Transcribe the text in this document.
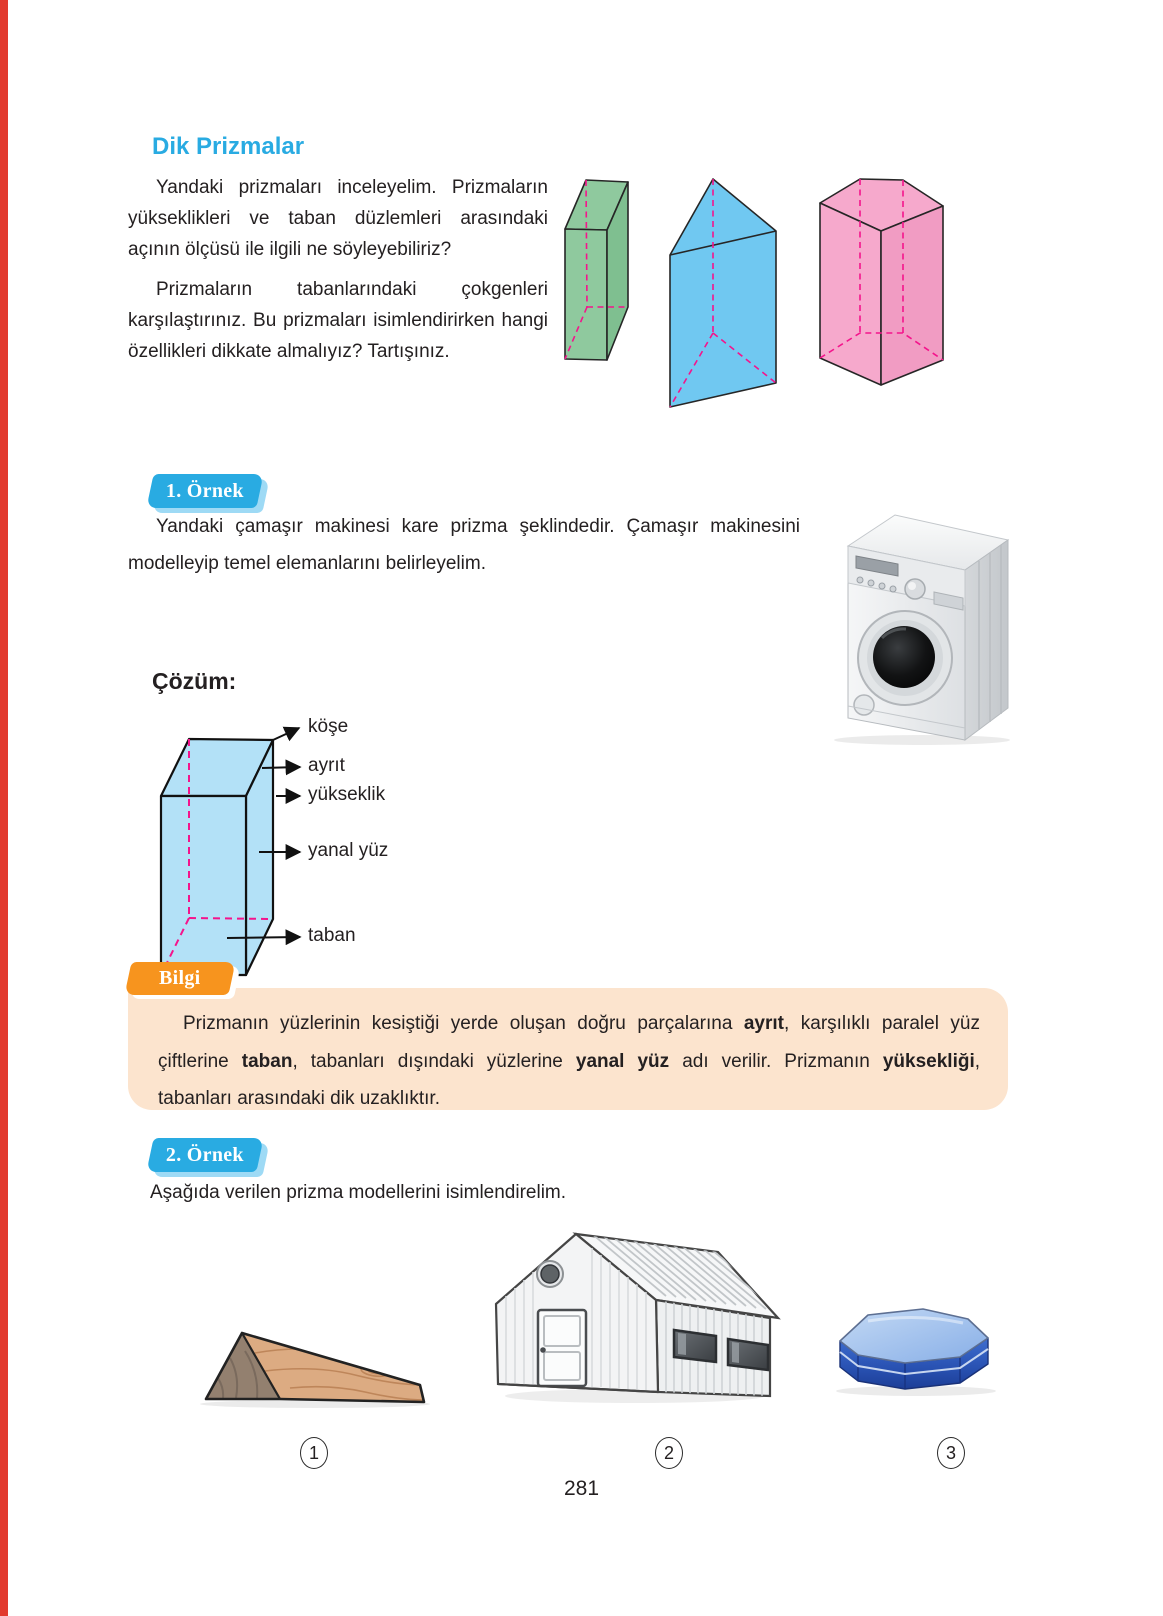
Dik Prizmalar

Yandaki prizmaları inceleyelim. Prizmaların yükseklikleri ve taban düzlemleri arasındaki açının ölçüsü ile ilgili ne söyleyebiliriz?

Prizmaların tabanlarındaki çokgenleri karşılaştırınız. Bu prizmaları isimlendirirken hangi özellikleri dikkate almalıyız? Tartışınız.

1. Örnek
Yandaki çamaşır makinesi kare prizma şeklindedir. Çamaşır makinesini modelleyip temel elemanlarını belirleyelim.
Çözüm:
köşe
ayrıt
yükseklik
yanal yüz
taban
Prizmanın yüzlerinin kesiştiği yerde oluşan doğru parçalarına ayrıt, karşılıklı paralel yüz çiftlerine taban, tabanları dışındaki yüzlerine yanal yüz adı verilir. Prizmanın yüksekliği, tabanları arasındaki dik uzaklıktır.
Bilgi
2. Örnek
Aşağıda verilen prizma modellerini isimlendirelim.
1	2	3
281
